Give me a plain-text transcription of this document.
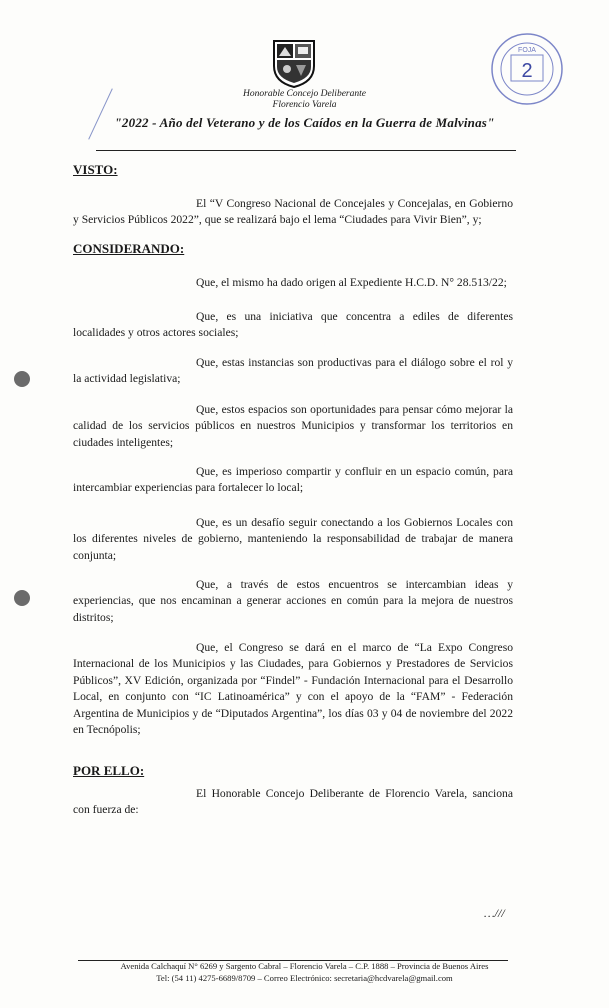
Honorable Concejo Deliberante
Florencio Varela
"2022 - Año del Veterano y de los Caídos en la Guerra de Malvinas"
FOJA
2
VISTO:
El “V Congreso Nacional de Concejales y Concejalas, en Gobierno y Servicios Públicos 2022”, que se realizará bajo el lema “Ciudades para Vivir Bien”, y;
CONSIDERANDO:
Que, el mismo ha dado origen al Expediente H.C.D. N° 28.513/22;
Que, es una iniciativa que concentra a ediles de diferentes localidades y otros actores sociales;
Que, estas instancias son productivas para el diálogo sobre el rol y la actividad legislativa;
Que, estos espacios son oportunidades para pensar cómo mejorar la calidad de los servicios públicos en nuestros Municipios y transformar los territorios en ciudades inteligentes;
Que, es imperioso compartir y confluir en un espacio común, para intercambiar experiencias para fortalecer lo local;
Que, es un desafío seguir conectando a los Gobiernos Locales con los diferentes niveles de gobierno, manteniendo la responsabilidad de trabajar de manera conjunta;
Que, a través de estos encuentros se intercambian ideas y experiencias, que nos encaminan a generar acciones en común para la mejora de nuestros distritos;
Que, el Congreso se dará en el marco de “La Expo Congreso Internacional de los Municipios y las Ciudades, para Gobiernos y Prestadores de Servicios Públicos”, XV Edición, organizada por “Findel” - Fundación Internacional para el Desarrollo Local, en conjunto con “IC Latinoamérica” y con el apoyo de la “FAM” - Federación Argentina de Municipios y de “Diputados Argentina”, los días 03 y 04 de noviembre del 2022 en Tecnópolis;
POR ELLO:
El Honorable Concejo Deliberante de Florencio Varela, sanciona con fuerza de:
…///
Avenida Calchaquí N° 6269 y Sargento Cabral – Florencio Varela – C.P. 1888 – Provincia de Buenos Aires
Tel: (54 11) 4275-6689/8709 – Correo Electrónico: secretaria@hcdvarela@gmail.com
